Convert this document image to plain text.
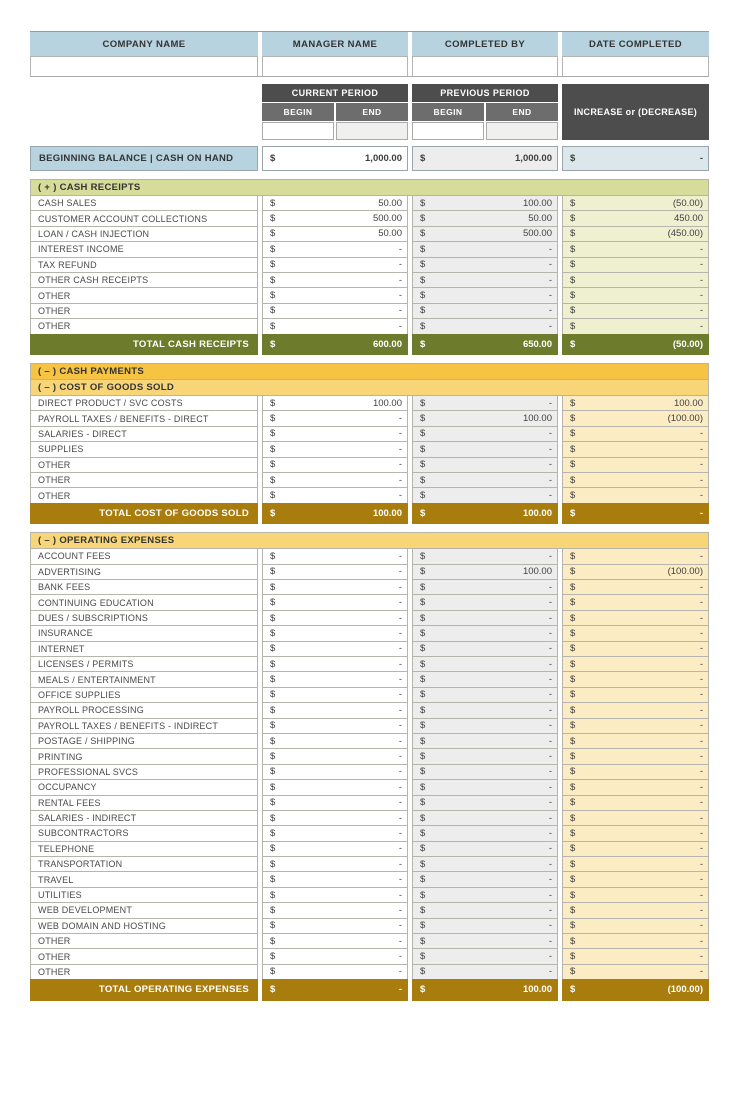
COMPANY NAME	MANAGER NAME	COMPLETED BY	DATE COMPLETED
CURRENT PERIOD	PREVIOUS PERIOD
BEGIN	END	BEGIN	END	INCREASE or (DECREASE)
BEGINNING BALANCE | CASH ON HAND	$	1,000.00 $	1,000.00 $	-
( + ) CASH RECEIPTS
CASH SALES	$	50.00 $	100.00 $	(50.00)
CUSTOMER ACCOUNT COLLECTIONS	$	500.00 $	50.00 $	450.00
LOAN / CASH INJECTION	$	50.00 $	500.00 $	(450.00)
INTEREST INCOME	$	- $	- $	-
TAX REFUND	$	- $	- $	-
OTHER CASH RECEIPTS	$	- $	- $	-
OTHER	$	- $	- $	-
OTHER	$	- $	- $	-
OTHER	$	- $	- $	-
TOTAL CASH RECEIPTS	$	600.00 $	650.00 $	(50.00)
( – ) CASH PAYMENTS
( – ) COST OF GOODS SOLD
DIRECT PRODUCT / SVC COSTS	$	100.00 $	- $	100.00
PAYROLL TAXES / BENEFITS - DIRECT	$	- $	100.00 $	(100.00)
SALARIES - DIRECT	$	- $	- $	-
SUPPLIES	$	- $	- $	-
OTHER	$	- $	- $	-
OTHER	$	- $	- $	-
OTHER	$	- $	- $	-
TOTAL COST OF GOODS SOLD	$	100.00 $	100.00 $	-
( – ) OPERATING EXPENSES
ACCOUNT FEES	$	- $	- $	-
ADVERTISING	$	- $	100.00 $	(100.00)
BANK FEES	$	- $	- $	-
CONTINUING EDUCATION	$	- $	- $	-
DUES / SUBSCRIPTIONS	$	- $	- $	-
INSURANCE	$	- $	- $	-
INTERNET	$	- $	- $	-
LICENSES / PERMITS	$	- $	- $	-
MEALS / ENTERTAINMENT	$	- $	- $	-
OFFICE SUPPLIES	$	- $	- $	-
PAYROLL PROCESSING	$	- $	- $	-
PAYROLL TAXES / BENEFITS - INDIRECT	$	- $	- $	-
POSTAGE / SHIPPING	$	- $	- $	-
PRINTING	$	- $	- $	-
PROFESSIONAL SVCS	$	- $	- $	-
OCCUPANCY	$	- $	- $	-
RENTAL FEES	$	- $	- $	-
SALARIES - INDIRECT	$	- $	- $	-
SUBCONTRACTORS	$	- $	- $	-
TELEPHONE	$	- $	- $	-
TRANSPORTATION	$	- $	- $	-
TRAVEL	$	- $	- $	-
UTILITIES	$	- $	- $	-
WEB DEVELOPMENT	$	- $	- $	-
WEB DOMAIN AND HOSTING	$	- $	- $	-
OTHER	$	- $	- $	-
OTHER	$	- $	- $	-
OTHER	$	- $	- $	-
TOTAL OPERATING EXPENSES	$	- $	100.00 $	(100.00)
